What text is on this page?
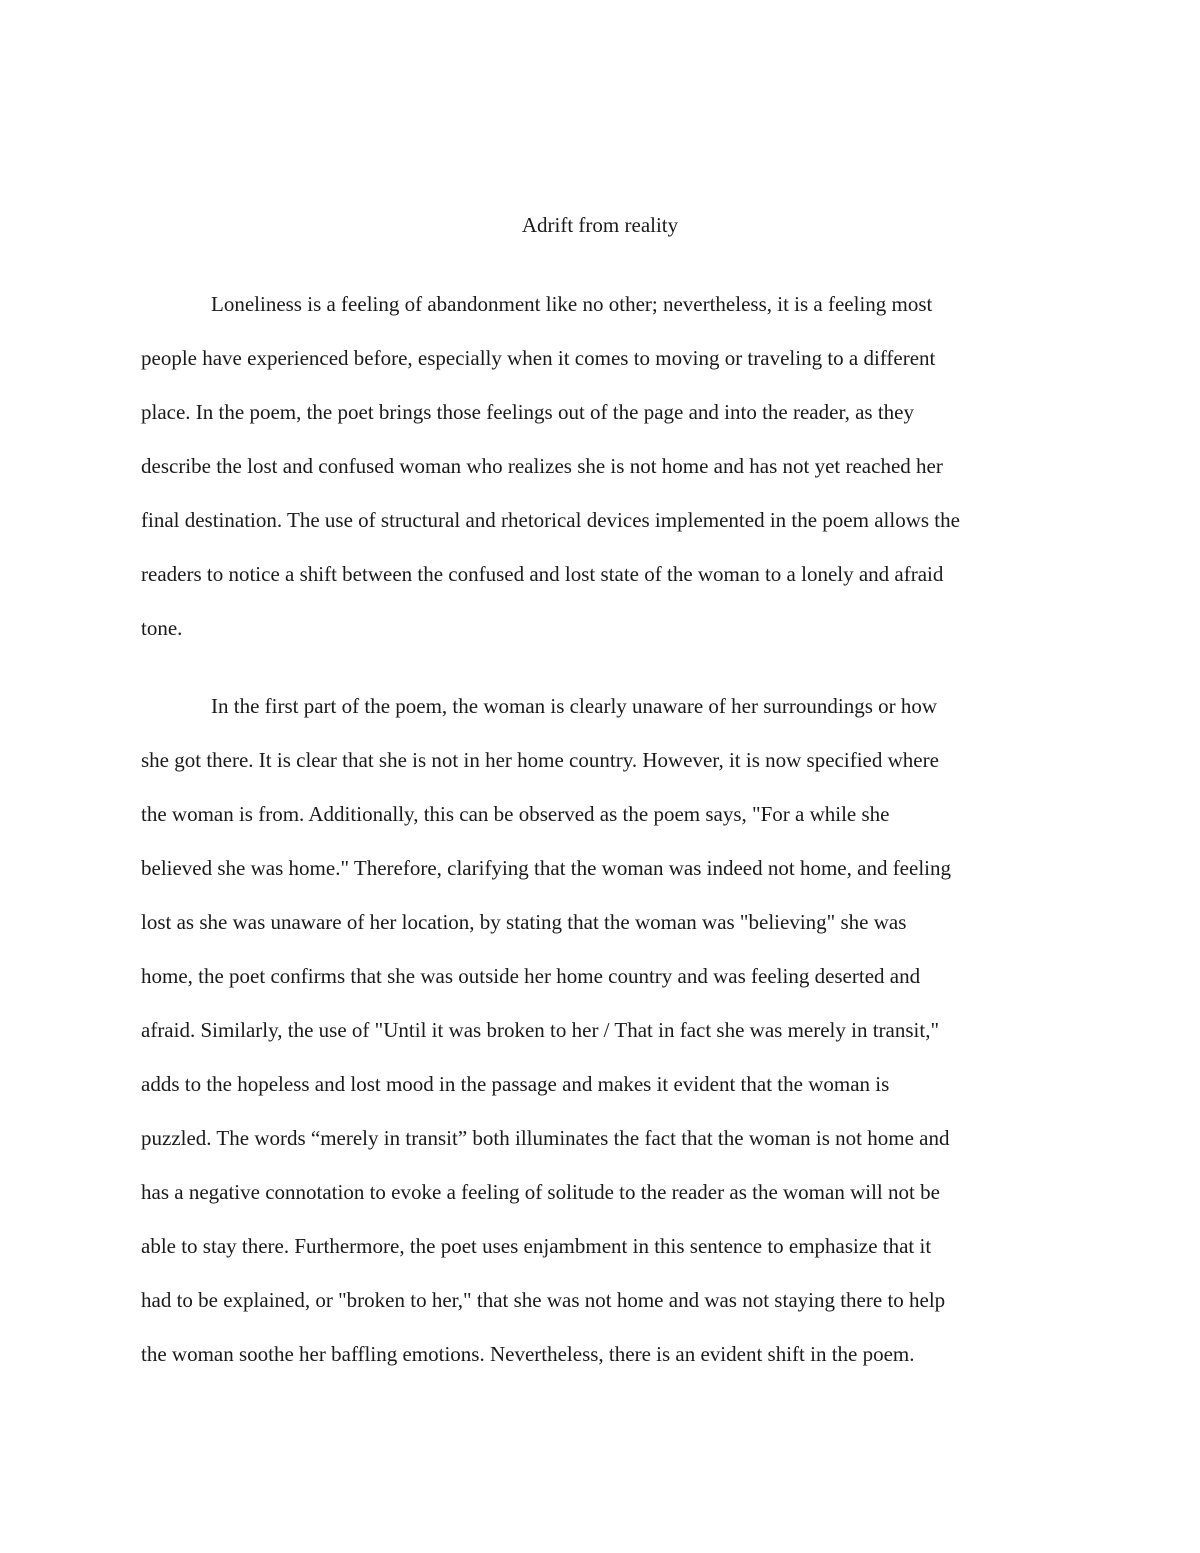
Adrift from reality

Loneliness is a feeling of abandonment like no other; nevertheless, it is a feeling most

people have experienced before, especially when it comes to moving or traveling to a different

place. In the poem, the poet brings those feelings out of the page and into the reader, as they

describe the lost and confused woman who realizes she is not home and has not yet reached her

final destination. The use of structural and rhetorical devices implemented in the poem allows the

readers to notice a shift between the confused and lost state of the woman to a lonely and afraid

tone.

In the first part of the poem, the woman is clearly unaware of her surroundings or how

she got there. It is clear that she is not in her home country. However, it is now specified where

the woman is from. Additionally, this can be observed as the poem says, "For a while she

believed she was home." Therefore, clarifying that the woman was indeed not home, and feeling

lost as she was unaware of her location, by stating that the woman was "believing" she was

home, the poet confirms that she was outside her home country and was feeling deserted and

afraid. Similarly, the use of "Until it was broken to her / That in fact she was merely in transit,"

adds to the hopeless and lost mood in the passage and makes it evident that the woman is

puzzled. The words “merely in transit” both illuminates the fact that the woman is not home and

has a negative connotation to evoke a feeling of solitude to the reader as the woman will not be

able to stay there. Furthermore, the poet uses enjambment in this sentence to emphasize that it

had to be explained, or "broken to her," that she was not home and was not staying there to help

the woman soothe her baffling emotions. Nevertheless, there is an evident shift in the poem.
